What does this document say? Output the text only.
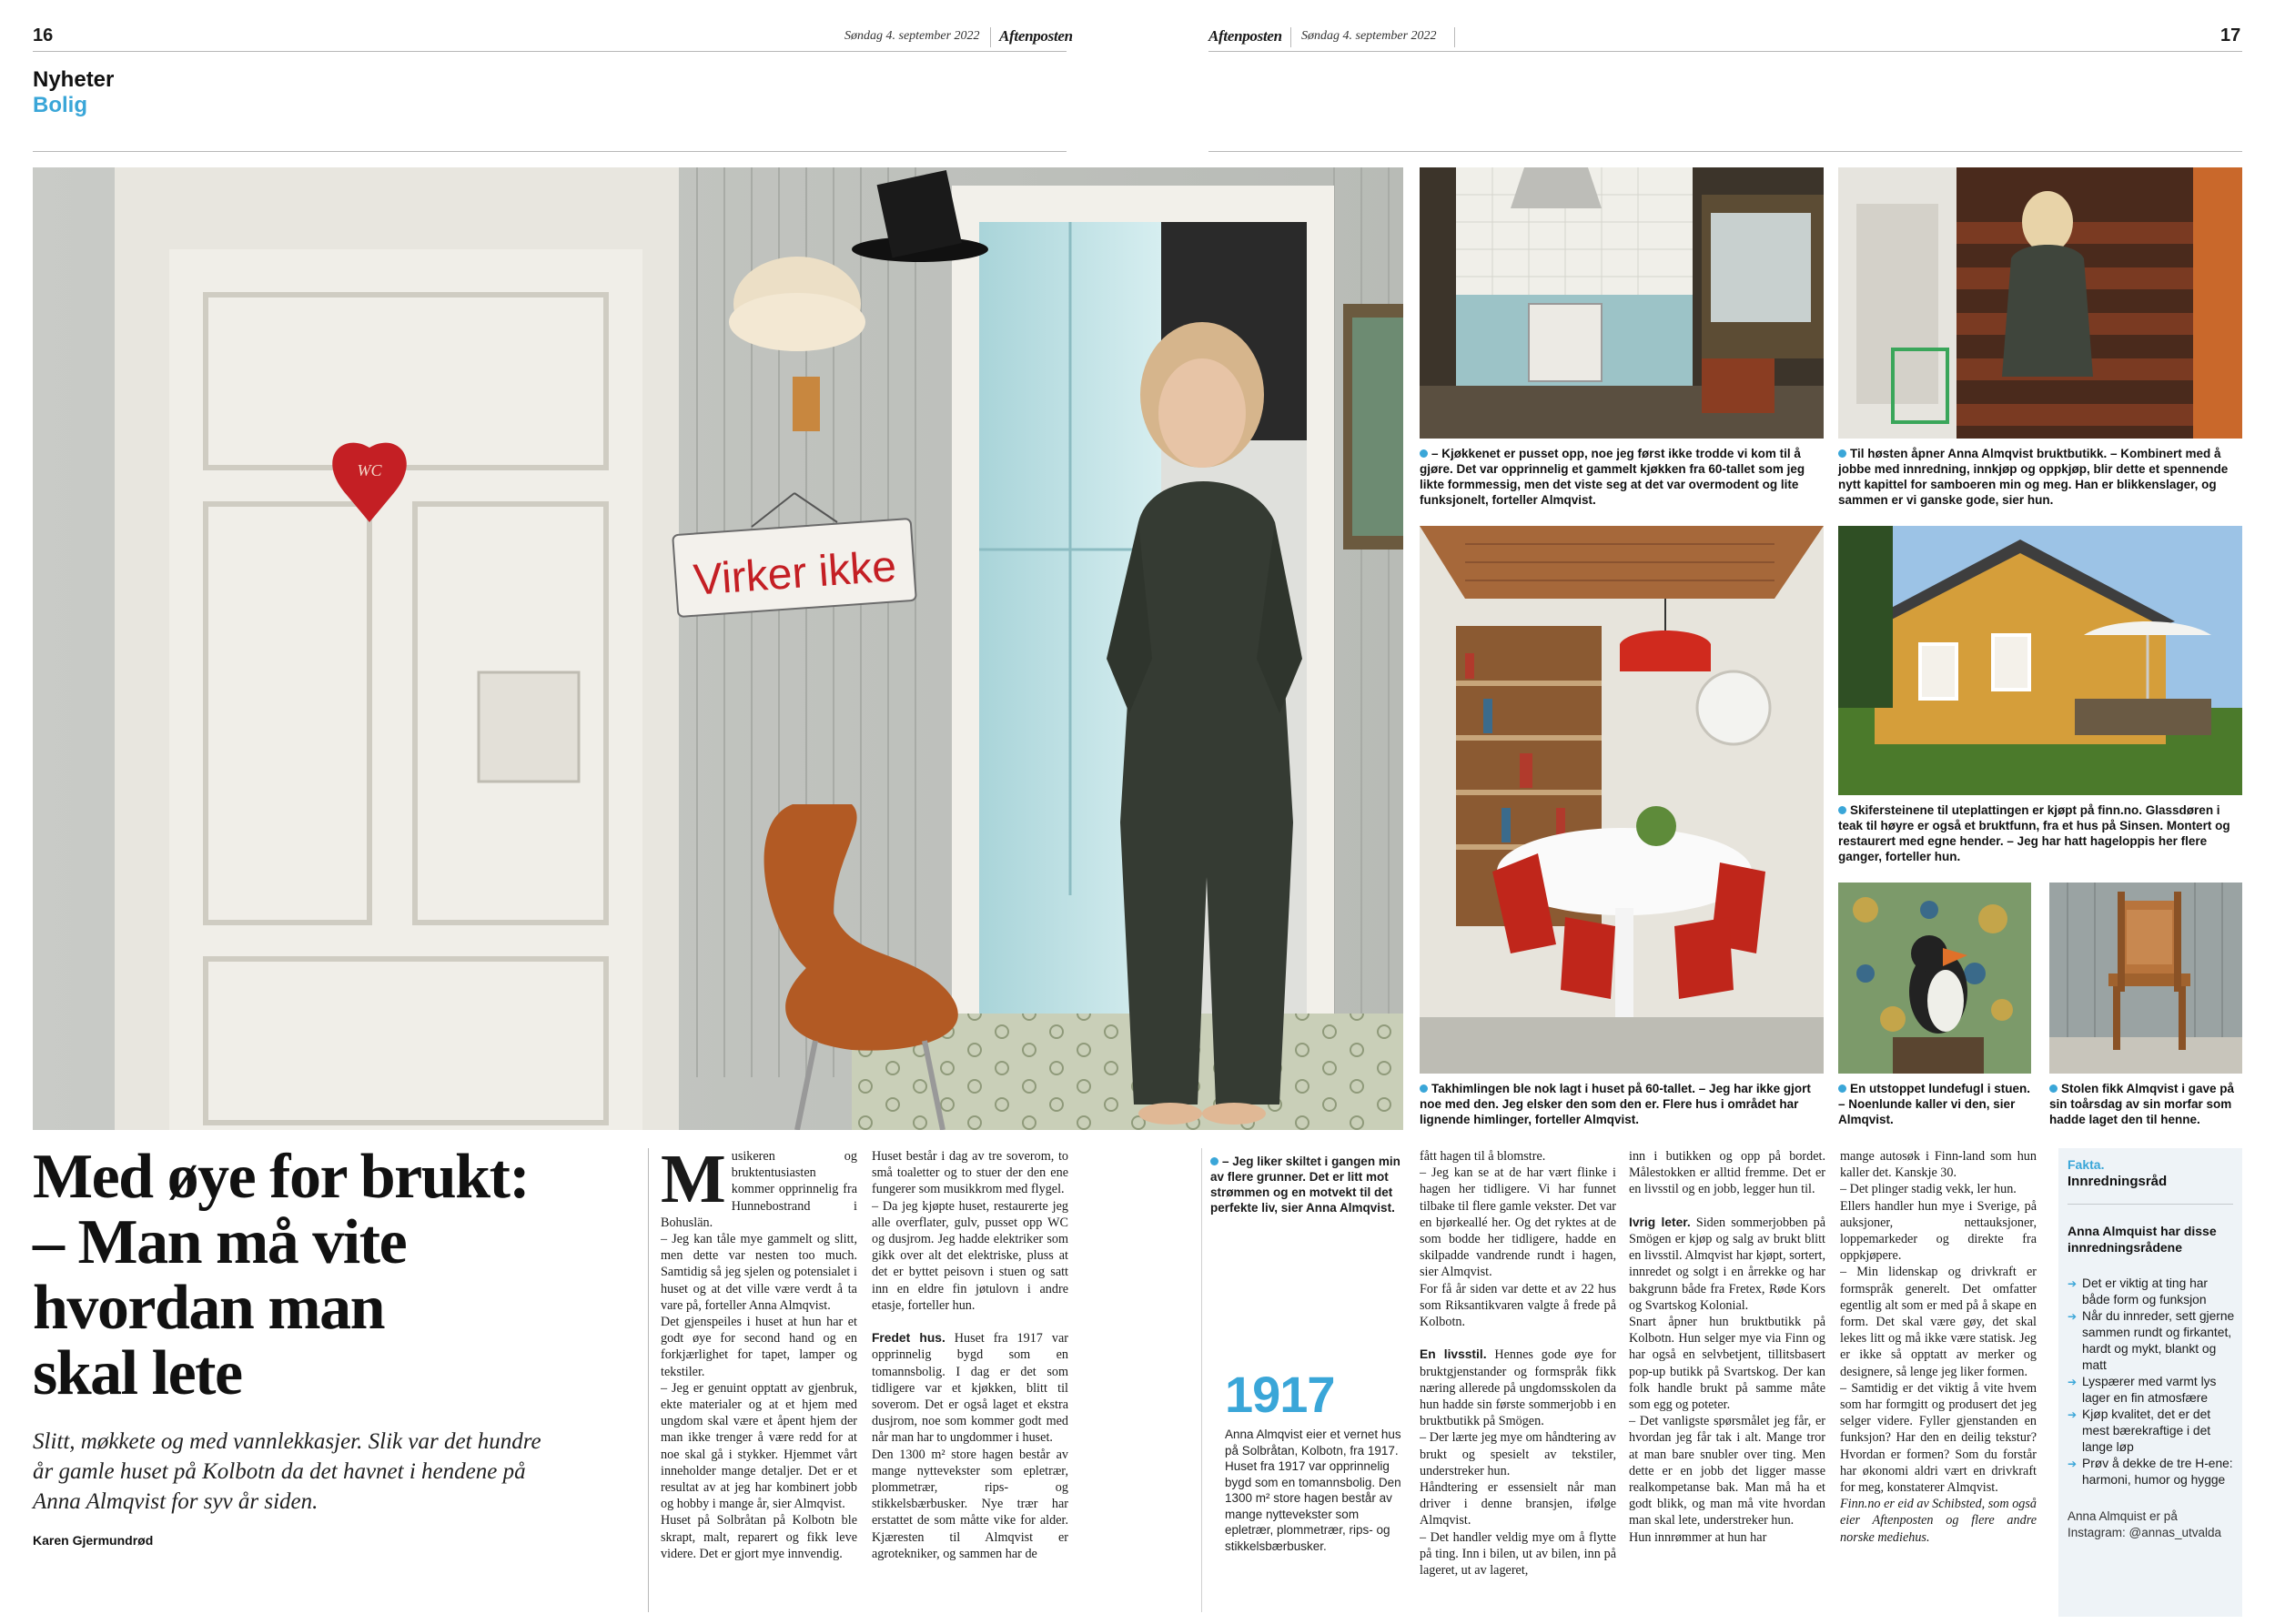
16	Søndag 4. september 2022 Aftenposten
Nyheter
Bolig
Aftenposten Søndag 4. september 2022	17
WC
Virker ikke
– Kjøkkenet er pusset opp, noe jeg først ikke trodde vi kom til å gjøre. Det var opprinnelig et gammelt kjøkken fra 60-tallet som jeg likte formmessig, men det viste seg at det var overmodent og lite funksjonelt, forteller Almqvist.
Til høsten åpner Anna Almqvist bruktbutikk. – Kombinert med å jobbe med innredning, innkjøp og oppkjøp, blir dette et spennende nytt kapittel for samboeren min og meg. Han er blikkenslager, og sammen er vi ganske gode, sier hun.
Skifersteinene til uteplattingen er kjøpt på finn.no. Glassdøren i teak til høyre er også et bruktfunn, fra et hus på Sinsen. Montert og restaurert med egne hender. – Jeg har hatt hageloppis her flere ganger, forteller hun.
Takhimlingen ble nok lagt i huset på 60-tallet. – Jeg har ikke gjort noe med den. Jeg elsker den som den er. Flere hus i området har lignende himlinger, forteller Almqvist.
En utstoppet lundefugl i stuen. – Noenlunde kaller vi den, sier Almqvist.
Stolen fikk Almqvist i gave på sin toårsdag av sin morfar som hadde laget den til henne.
Med øye for brukt:
– Man må vite
hvordan man
skal lete
Slitt, møkkete og med vannlekkasjer. Slik var det hundre år gamle huset på Kolbotn da det havnet i hendene på Anna Almqvist for syv år siden.
Karen Gjermundrød
Musikeren og bruktentusiasten kommer opprinnelig fra Hunnebostrand i Bohuslän.
– Jeg kan tåle mye gammelt og slitt, men dette var nesten too much. Samtidig så jeg sjelen og potensialet i huset og at det ville være verdt å ta vare på, forteller Anna Almqvist.
Det gjenspeiles i huset at hun har et godt øye for second hand og en forkjærlighet for tapet, lamper og tekstiler.
– Jeg er genuint opptatt av gjenbruk, ekte materialer og at et hjem med ungdom skal være et åpent hjem der man ikke trenger å være redd for at noe skal gå i stykker. Hjemmet vårt inneholder mange detaljer. Det er et resultat av at jeg har kombinert jobb og hobby i mange år, sier Almqvist.
Huset på Solbråtan på Kolbotn ble skrapt, malt, reparert og fikk leve videre. Det er gjort mye innvendig.
Huset består i dag av tre soverom, to små toaletter og to stuer der den ene fungerer som musikkrom med flygel.
– Da jeg kjøpte huset, restaurerte jeg alle overflater, gulv, pusset opp WC og dusjrom. Jeg hadde elektriker som gikk over alt det elektriske, pluss at det er byttet peisovn i stuen og satt inn en eldre fin jøtulovn i andre etasje, forteller hun.

Fredet hus. Huset fra 1917 var opprinnelig bygd som en tomannsbolig. I dag er det som tidligere var et kjøkken, blitt til soverom. Det er også laget et ekstra dusjrom, noe som kommer godt med når man har to ungdommer i huset.
Den 1300 m² store hagen består av mange nyttevekster som epletrær, plommetrær, rips- og stikkelsbærbusker. Nye trær har erstattet de som måtte vike for alder. Kjæresten til Almqvist er agrotekniker, og sammen har de
– Jeg liker skiltet i gangen min av flere grunner. Det er litt mot strømmen og en motvekt til det perfekte liv, sier Anna Almqvist.
1917
Anna Almqvist eier et vernet hus på Solbråtan, Kolbotn, fra 1917. Huset fra 1917 var opprinnelig bygd som en tomannsbolig. Den 1300 m² store hagen består av mange nyttevekster som epletrær, plommetrær, rips- og stikkelsbærbusker.
fått hagen til å blomstre.
– Jeg kan se at de har vært flinke i hagen her tidligere. Vi har funnet tilbake til flere gamle vekster. Det var en bjørkeallé her. Og det ryktes at de som bodde her tidligere, hadde en skilpadde vandrende rundt i hagen, sier Almqvist.
For få år siden var dette et av 22 hus som Riksantikvaren valgte å frede på Kolbotn.

En livsstil. Hennes gode øye for bruktgjenstander og formspråk fikk næring allerede på ungdomsskolen da hun hadde sin første sommerjobb i en bruktbutikk på Smögen.
– Der lærte jeg mye om håndtering av brukt og spesielt av tekstiler, understreker hun.
Håndtering er essensielt når man driver i denne bransjen, ifølge Almqvist.
– Det handler veldig mye om å flytte på ting. Inn i bilen, ut av bilen, inn på lageret, ut av lageret,
inn i butikken og opp på bordet. Målestokken er alltid fremme. Det er en livsstil og en jobb, legger hun til.

Ivrig leter. Siden sommerjobben på Smögen er kjøp og salg av brukt blitt en livsstil. Almqvist har kjøpt, sortert, innredet og solgt i en årrekke og har bakgrunn både fra Fretex, Røde Kors og Svartskog Kolonial.
Snart åpner hun bruktbutikk på Kolbotn. Hun selger mye via Finn og har også en selvbetjent, tillitsbasert pop-up butikk på Svartskog. Der kan folk handle brukt på samme måte som egg og poteter.
– Det vanligste spørsmålet jeg får, er hvordan jeg får tak i alt. Mange tror at man bare snubler over ting. Men dette er en jobb det ligger masse realkompetanse bak. Man må ha et godt blikk, og man må vite hvordan man skal lete, understreker hun.
Hun innrømmer at hun har
mange autosøk i Finn-land som hun kaller det. Kanskje 30.
– Det plinger stadig vekk, ler hun.
Ellers handler hun mye i Sverige, på auksjoner, nettauksjoner, loppemarkeder og direkte fra oppkjøpere.
– Min lidenskap og drivkraft er formspråk generelt. Det omfatter egentlig alt som er med på å skape en form. Det skal være gøy, det skal lekes litt og må ikke være statisk. Jeg er ikke så opptatt av merker og designere, så lenge jeg liker formen.
– Samtidig er det viktig å vite hvem som har formgitt og produsert det jeg selger videre. Fyller gjenstanden en funksjon? Har den en deilig tekstur? Hvordan er formen? Som du forstår har økonomi aldri vært en drivkraft for meg, konstaterer Almqvist.
Finn.no er eid av Schibsted, som også eier Aftenposten og flere andre norske mediehus.
Fakta.
Innredningsråd
Anna Almquist har disse innredningsrådene
➔ Det er viktig at ting har både form og funksjon
➔ Når du innreder, sett gjerne sammen rundt og firkantet, hardt og mykt, blankt og matt
➔ Lyspærer med varmt lys lager en fin atmosfære
➔ Kjøp kvalitet, det er det mest bærekraftige i det lange løp
➔ Prøv å dekke de tre H-ene: harmoni, humor og hygge
Anna Almquist er på Instagram: @annas_utvalda
